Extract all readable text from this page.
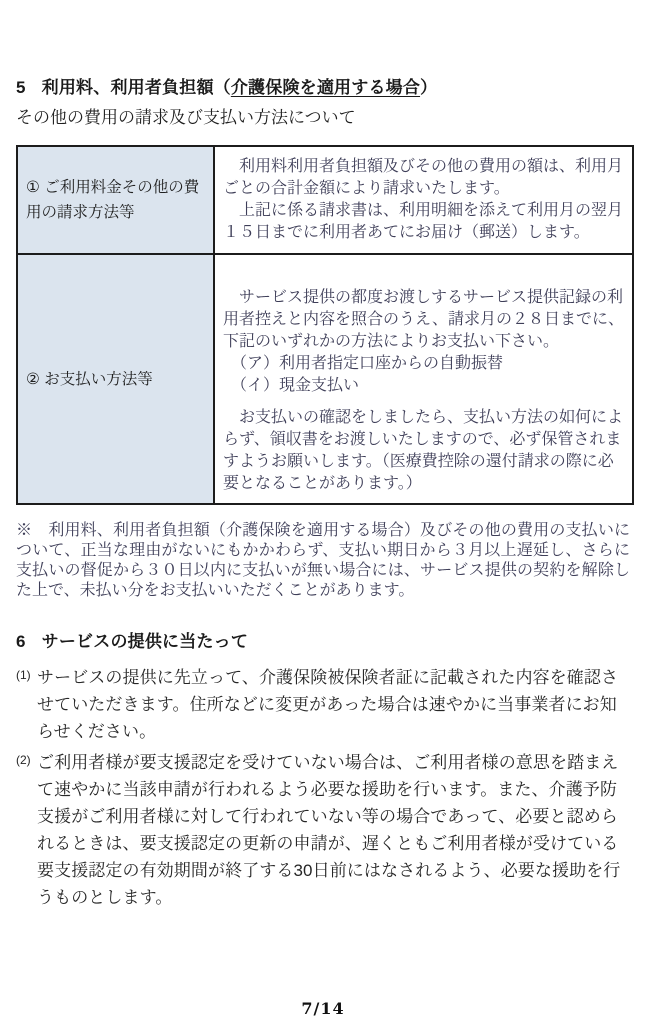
5 利用料、利用者負担額（介護保険を適用する場合）
その他の費用の請求及び支払い方法について
① ご利用料金その他の費用の請求方法等

　利用料利用者負担額及びその他の費用の額は、利用月ごとの合計金額により請求いたします。

　上記に係る請求書は、利用明細を添えて利用月の翌月１５日までに利用者あてにお届け（郵送）します。

② お支払い方法等

　サービス提供の都度お渡しするサービス提供記録の利用者控えと内容を照合のうえ、請求月の２８日までに、下記のいずれかの方法によりお支払い下さい。

　（ア）利用者指定口座からの自動振替

　（イ）現金支払い

　お支払いの確認をしましたら、支払い方法の如何によらず、領収書をお渡しいたしますので、必ず保管されますようお願いします。（医療費控除の還付請求の際に必要となることがあります。）

※　利用料、利用者負担額（介護保険を適用する場合）及びその他の費用の支払いについて、正当な理由がないにもかかわらず、支払い期日から３月以上遅延し、さらに支払いの督促から３０日以内に支払いが無い場合には、サービス提供の契約を解除した上で、未払い分をお支払いいただくことがあります。

6 サービスの提供に当たって
(1) サービスの提供に先立って、介護保険被保険者証に記載された内容を確認させていただきます。住所などに変更があった場合は速やかに当事業者にお知らせください。
(2) ご利用者様が要支援認定を受けていない場合は、ご利用者様の意思を踏まえて速やかに当該申請が行われるよう必要な援助を行います。また、介護予防支援がご利用者様に対して行われていない等の場合であって、必要と認められるときは、要支援認定の更新の申請が、遅くともご利用者様が受けている要支援認定の有効期間が終了する30日前にはなされるよう、必要な援助を行うものとします。
7/14
